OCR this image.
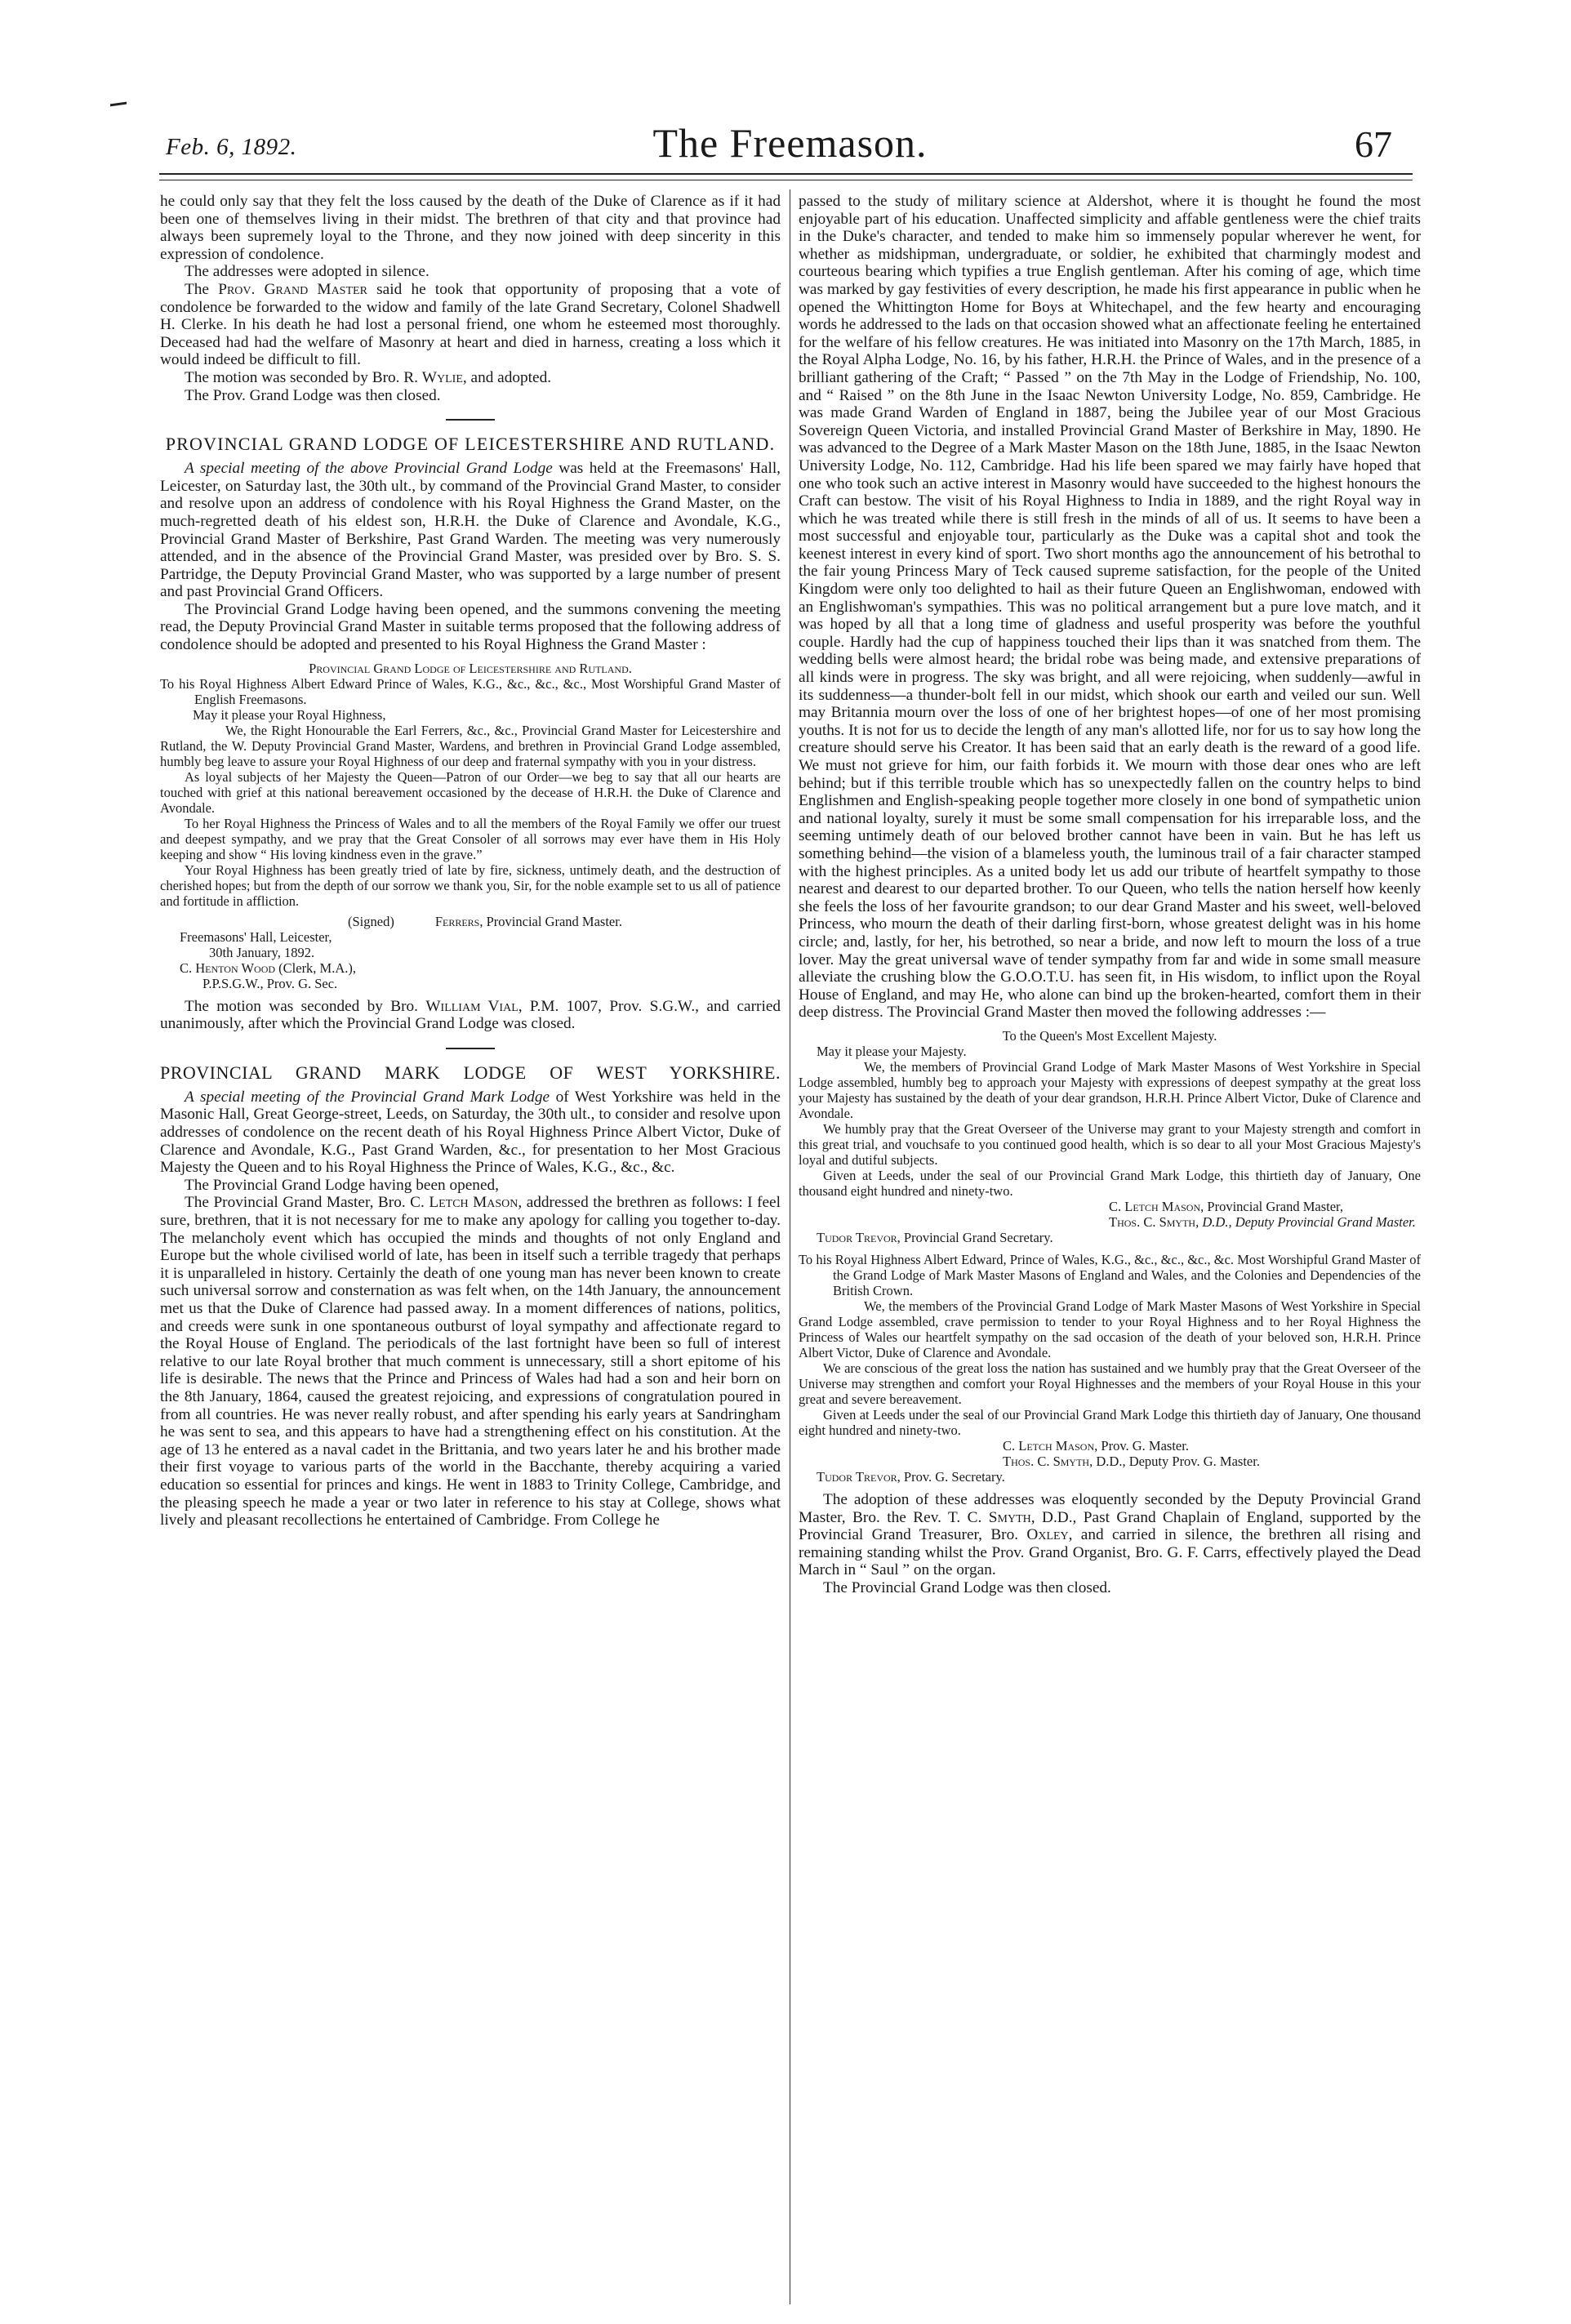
Feb. 6, 1892.	The Freemason.	67

he could only say that they felt the loss caused by the death of the Duke of Clarence as if it had been one of themselves living in their midst. The brethren of that city and that province had always been supremely loyal to the Throne, and they now joined with deep sincerity in this expression of condolence.

The addresses were adopted in silence.

The Prov. Grand Master said he took that opportunity of proposing that a vote of condolence be forwarded to the widow and family of the late Grand Secretary, Colonel Shadwell H. Clerke. In his death he had lost a personal friend, one whom he esteemed most thoroughly. Deceased had had the welfare of Masonry at heart and died in harness, creating a loss which it would indeed be difficult to fill.

The motion was seconded by Bro. R. Wylie, and adopted.

The Prov. Grand Lodge was then closed.

PROVINCIAL GRAND LODGE OF LEICESTERSHIRE AND RUTLAND.

A special meeting of the above Provincial Grand Lodge was held at the Freemasons' Hall, Leicester, on Saturday last, the 30th ult., by command of the Provincial Grand Master, to consider and resolve upon an address of condolence with his Royal Highness the Grand Master, on the much-regretted death of his eldest son, H.R.H. the Duke of Clarence and Avondale, K.G., Provincial Grand Master of Berkshire, Past Grand Warden. The meeting was very numerously attended, and in the absence of the Provincial Grand Master, was presided over by Bro. S. S. Partridge, the Deputy Provincial Grand Master, who was supported by a large number of present and past Provincial Grand Officers.

The Provincial Grand Lodge having been opened, and the summons convening the meeting read, the Deputy Provincial Grand Master in suitable terms proposed that the following address of condolence should be adopted and presented to his Royal Highness the Grand Master :

Provincial Grand Lodge of Leicestershire and Rutland.

To his Royal Highness Albert Edward Prince of Wales, K.G., &c., &c., &c., Most Worshipful Grand Master of English Freemasons.

May it please your Royal Highness,

We, the Right Honourable the Earl Ferrers, &c., &c., Provincial Grand Master for Leicestershire and Rutland, the W. Deputy Provincial Grand Master, Wardens, and brethren in Provincial Grand Lodge assembled, humbly beg leave to assure your Royal Highness of our deep and fraternal sympathy with you in your distress.

As loyal subjects of her Majesty the Queen—Patron of our Order—we beg to say that all our hearts are touched with grief at this national bereavement occasioned by the decease of H.R.H. the Duke of Clarence and Avondale.

To her Royal Highness the Princess of Wales and to all the members of the Royal Family we offer our truest and deepest sympathy, and we pray that the Great Consoler of all sorrows may ever have them in His Holy keeping and show “ His loving kindness even in the grave.”

Your Royal Highness has been greatly tried of late by fire, sickness, untimely death, and the destruction of cherished hopes; but from the depth of our sorrow we thank you, Sir, for the noble example set to us all of patience and fortitude in affliction.

(Signed)	Ferrers, Provincial Grand Master.

Freemasons' Hall, Leicester,

30th January, 1892.

C. Henton Wood (Clerk, M.A.),

P.P.S.G.W., Prov. G. Sec.

The motion was seconded by Bro. William Vial, P.M. 1007, Prov. S.G.W., and carried unanimously, after which the Provincial Grand Lodge was closed.

PROVINCIAL GRAND MARK LODGE OF WEST YORKSHIRE.

A special meeting of the Provincial Grand Mark Lodge of West Yorkshire was held in the Masonic Hall, Great George-street, Leeds, on Saturday, the 30th ult., to consider and resolve upon addresses of condolence on the recent death of his Royal Highness Prince Albert Victor, Duke of Clarence and Avondale, K.G., Past Grand Warden, &c., for presentation to her Most Gracious Majesty the Queen and to his Royal Highness the Prince of Wales, K.G., &c., &c.

The Provincial Grand Lodge having been opened,

The Provincial Grand Master, Bro. C. Letch Mason, addressed the brethren as follows: I feel sure, brethren, that it is not necessary for me to make any apology for calling you together to-day. The melancholy event which has occupied the minds and thoughts of not only England and Europe but the whole civilised world of late, has been in itself such a terrible tragedy that perhaps it is unparalleled in history. Certainly the death of one young man has never been known to create such universal sorrow and consternation as was felt when, on the 14th January, the announcement met us that the Duke of Clarence had passed away. In a moment differences of nations, politics, and creeds were sunk in one spontaneous outburst of loyal sympathy and affectionate regard to the Royal House of England. The periodicals of the last fortnight have been so full of interest relative to our late Royal brother that much comment is unnecessary, still a short epitome of his life is desirable. The news that the Prince and Princess of Wales had had a son and heir born on the 8th January, 1864, caused the greatest rejoicing, and expressions of congratulation poured in from all countries. He was never really robust, and after spending his early years at Sandringham he was sent to sea, and this appears to have had a strengthening effect on his constitution. At the age of 13 he entered as a naval cadet in the Brittania, and two years later he and his brother made their first voyage to various parts of the world in the Bacchante, thereby acquiring a varied education so essential for princes and kings. He went in 1883 to Trinity College, Cambridge, and the pleasing speech he made a year or two later in reference to his stay at College, shows what lively and pleasant recollections he entertained of Cambridge. From College he

passed to the study of military science at Aldershot, where it is thought he found the most enjoyable part of his education. Unaffected simplicity and affable gentleness were the chief traits in the Duke's character, and tended to make him so immensely popular wherever he went, for whether as midshipman, undergraduate, or soldier, he exhibited that charmingly modest and courteous bearing which typifies a true English gentleman. After his coming of age, which time was marked by gay festivities of every description, he made his first appearance in public when he opened the Whittington Home for Boys at Whitechapel, and the few hearty and encouraging words he addressed to the lads on that occasion showed what an affectionate feeling he entertained for the welfare of his fellow creatures. He was initiated into Masonry on the 17th March, 1885, in the Royal Alpha Lodge, No. 16, by his father, H.R.H. the Prince of Wales, and in the presence of a brilliant gathering of the Craft; “ Passed ” on the 7th May in the Lodge of Friendship, No. 100, and “ Raised ” on the 8th June in the Isaac Newton University Lodge, No. 859, Cambridge. He was made Grand Warden of England in 1887, being the Jubilee year of our Most Gracious Sovereign Queen Victoria, and installed Provincial Grand Master of Berkshire in May, 1890. He was advanced to the Degree of a Mark Master Mason on the 18th June, 1885, in the Isaac Newton University Lodge, No. 112, Cambridge. Had his life been spared we may fairly have hoped that one who took such an active interest in Masonry would have succeeded to the highest honours the Craft can bestow. The visit of his Royal Highness to India in 1889, and the right Royal way in which he was treated while there is still fresh in the minds of all of us. It seems to have been a most successful and enjoyable tour, particularly as the Duke was a capital shot and took the keenest interest in every kind of sport. Two short months ago the announcement of his betrothal to the fair young Princess Mary of Teck caused supreme satisfaction, for the people of the United Kingdom were only too delighted to hail as their future Queen an Englishwoman, endowed with an Englishwoman's sympathies. This was no political arrangement but a pure love match, and it was hoped by all that a long time of gladness and useful prosperity was before the youthful couple. Hardly had the cup of happiness touched their lips than it was snatched from them. The wedding bells were almost heard; the bridal robe was being made, and extensive preparations of all kinds were in progress. The sky was bright, and all were rejoicing, when suddenly—awful in its suddenness—a thunder-bolt fell in our midst, which shook our earth and veiled our sun. Well may Britannia mourn over the loss of one of her brightest hopes—of one of her most promising youths. It is not for us to decide the length of any man's allotted life, nor for us to say how long the creature should serve his Creator. It has been said that an early death is the reward of a good life. We must not grieve for him, our faith forbids it. We mourn with those dear ones who are left behind; but if this terrible trouble which has so unexpectedly fallen on the country helps to bind Englishmen and English-speaking people together more closely in one bond of sympathetic union and national loyalty, surely it must be some small compensation for his irreparable loss, and the seeming untimely death of our beloved brother cannot have been in vain. But he has left us something behind—the vision of a blameless youth, the luminous trail of a fair character stamped with the highest principles. As a united body let us add our tribute of heartfelt sympathy to those nearest and dearest to our departed brother. To our Queen, who tells the nation herself how keenly she feels the loss of her favourite grandson; to our dear Grand Master and his sweet, well-beloved Princess, who mourn the death of their darling first-born, whose greatest delight was in his home circle; and, lastly, for her, his betrothed, so near a bride, and now left to mourn the loss of a true lover. May the great universal wave of tender sympathy from far and wide in some small measure alleviate the crushing blow the G.O.O.T.U. has seen fit, in His wisdom, to inflict upon the Royal House of England, and may He, who alone can bind up the broken-hearted, comfort them in their deep distress. The Provincial Grand Master then moved the following addresses :—

To the Queen's Most Excellent Majesty.

May it please your Majesty.

We, the members of Provincial Grand Lodge of Mark Master Masons of West Yorkshire in Special Lodge assembled, humbly beg to approach your Majesty with expressions of deepest sympathy at the great loss your Majesty has sustained by the death of your dear grandson, H.R.H. Prince Albert Victor, Duke of Clarence and Avondale.

We humbly pray that the Great Overseer of the Universe may grant to your Majesty strength and comfort in this great trial, and vouchsafe to you continued good health, which is so dear to all your Most Gracious Majesty's loyal and dutiful subjects.

Given at Leeds, under the seal of our Provincial Grand Mark Lodge, this thirtieth day of January, One thousand eight hundred and ninety-two.

C. Letch Mason, Provincial Grand Master,

Thos. C. Smyth, D.D., Deputy Provincial Grand Master.

Tudor Trevor, Provincial Grand Secretary.

To his Royal Highness Albert Edward, Prince of Wales, K.G., &c., &c., &c., &c. Most Worshipful Grand Master of the Grand Lodge of Mark Master Masons of England and Wales, and the Colonies and Dependencies of the British Crown.

We, the members of the Provincial Grand Lodge of Mark Master Masons of West Yorkshire in Special Grand Lodge assembled, crave permission to tender to your Royal Highness and to her Royal Highness the Princess of Wales our heartfelt sympathy on the sad occasion of the death of your beloved son, H.R.H. Prince Albert Victor, Duke of Clarence and Avondale.

We are conscious of the great loss the nation has sustained and we humbly pray that the Great Overseer of the Universe may strengthen and comfort your Royal Highnesses and the members of your Royal House in this your great and severe bereavement.

Given at Leeds under the seal of our Provincial Grand Mark Lodge this thirtieth day of January, One thousand eight hundred and ninety-two.

C. Letch Mason, Prov. G. Master.

Thos. C. Smyth, D.D., Deputy Prov. G. Master.

Tudor Trevor, Prov. G. Secretary.

The adoption of these addresses was eloquently seconded by the Deputy Provincial Grand Master, Bro. the Rev. T. C. Smyth, D.D., Past Grand Chaplain of England, supported by the Provincial Grand Treasurer, Bro. Oxley, and carried in silence, the brethren all rising and remaining standing whilst the Prov. Grand Organist, Bro. G. F. Carrs, effectively played the Dead March in “ Saul ” on the organ.

The Provincial Grand Lodge was then closed.
